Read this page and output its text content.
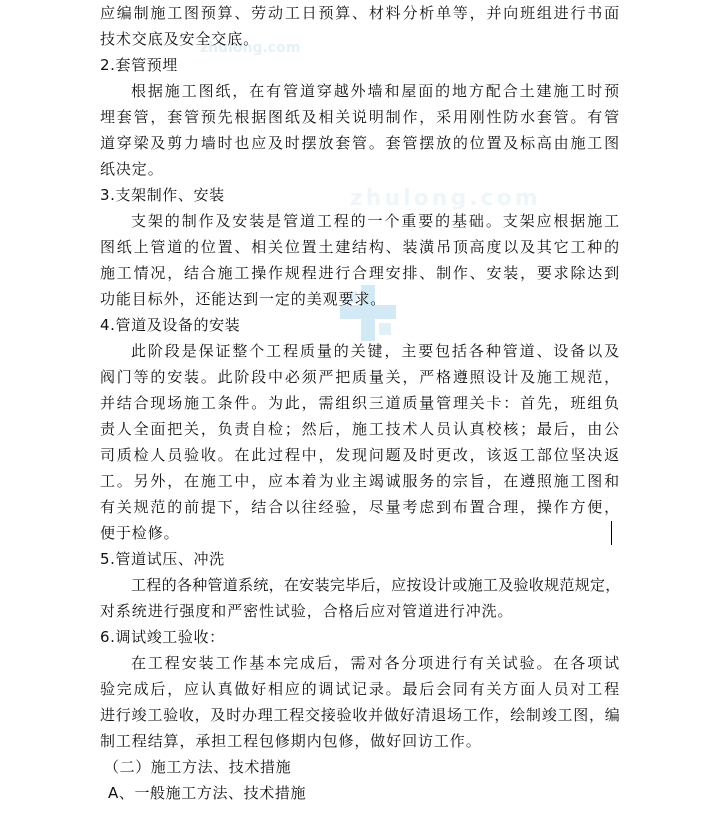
zhulong.com
zhulong.com
应编制施工图预算、劳动工日预算、材料分析单等，并向班组进行书面
技术交底及安全交底。
2.套管预埋
根据施工图纸，在有管道穿越外墙和屋面的地方配合土建施工时预
埋套管，套管预先根据图纸及相关说明制作，采用刚性防水套管。有管
道穿梁及剪力墙时也应及时摆放套管。套管摆放的位置及标高由施工图
纸决定。
3.支架制作、安装
支架的制作及安装是管道工程的一个重要的基础。支架应根据施工
图纸上管道的位置、相关位置土建结构、装潢吊顶高度以及其它工种的
施工情况，结合施工操作规程进行合理安排、制作、安装，要求除达到
功能目标外，还能达到一定的美观要求。
4.管道及设备的安装
此阶段是保证整个工程质量的关键，主要包括各种管道、设备以及
阀门等的安装。此阶段中必须严把质量关，严格遵照设计及施工规范，
并结合现场施工条件。为此，需组织三道质量管理关卡：首先，班组负
责人全面把关，负责自检；然后，施工技术人员认真校核；最后，由公
司质检人员验收。在此过程中，发现问题及时更改，该返工部位坚决返
工。另外，在施工中，应本着为业主竭诚服务的宗旨，在遵照施工图和
有关规范的前提下，结合以往经验，尽量考虑到布置合理，操作方便，
便于检修。
5.管道试压、冲洗
工程的各种管道系统，在安装完毕后，应按设计或施工及验收规范规定，
对系统进行强度和严密性试验，合格后应对管道进行冲洗。
6.调试竣工验收：
在工程安装工作基本完成后，需对各分项进行有关试验。在各项试
验完成后，应认真做好相应的调试记录。最后会同有关方面人员对工程
进行竣工验收，及时办理工程交接验收并做好清退场工作，绘制竣工图，编
制工程结算，承担工程包修期内包修，做好回访工作。
（二）施工方法、技术措施
A、一般施工方法、技术措施
